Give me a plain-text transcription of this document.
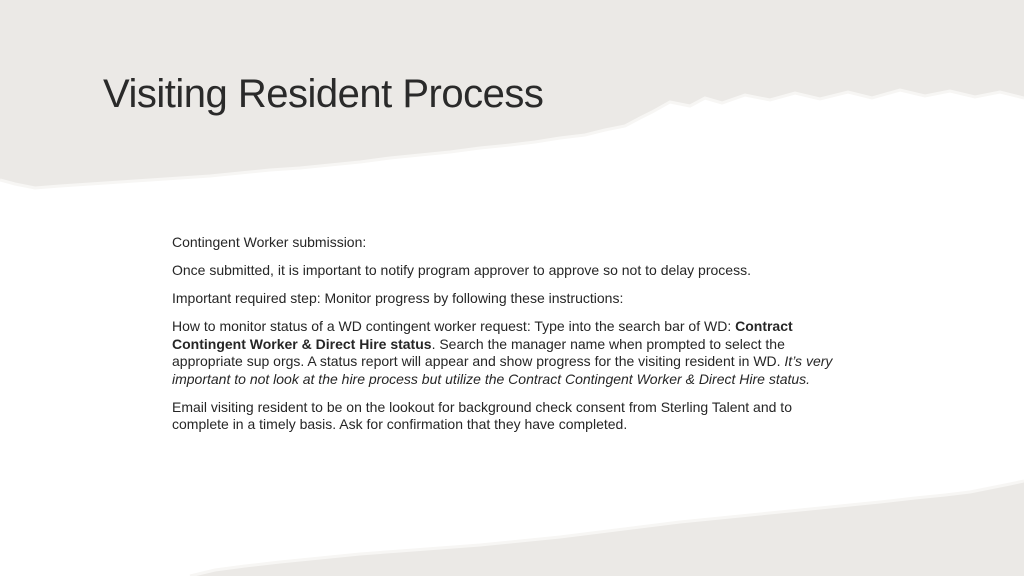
Visiting Resident Process

Contingent Worker submission:

Once submitted, it is important to notify program approver to approve so not to delay process.

Important required step: Monitor progress by following these instructions:

How to monitor status of a WD contingent worker request: Type into the search bar of WD: Contract Contingent Worker & Direct Hire status. Search the manager name when prompted to select the appropriate sup orgs. A status report will appear and show progress for the visiting resident in WD. It’s very important to not look at the hire process but utilize the Contract Contingent Worker & Direct Hire status.

Email visiting resident to be on the lookout for background check consent from Sterling Talent and to complete in a timely basis. Ask for confirmation that they have completed.
